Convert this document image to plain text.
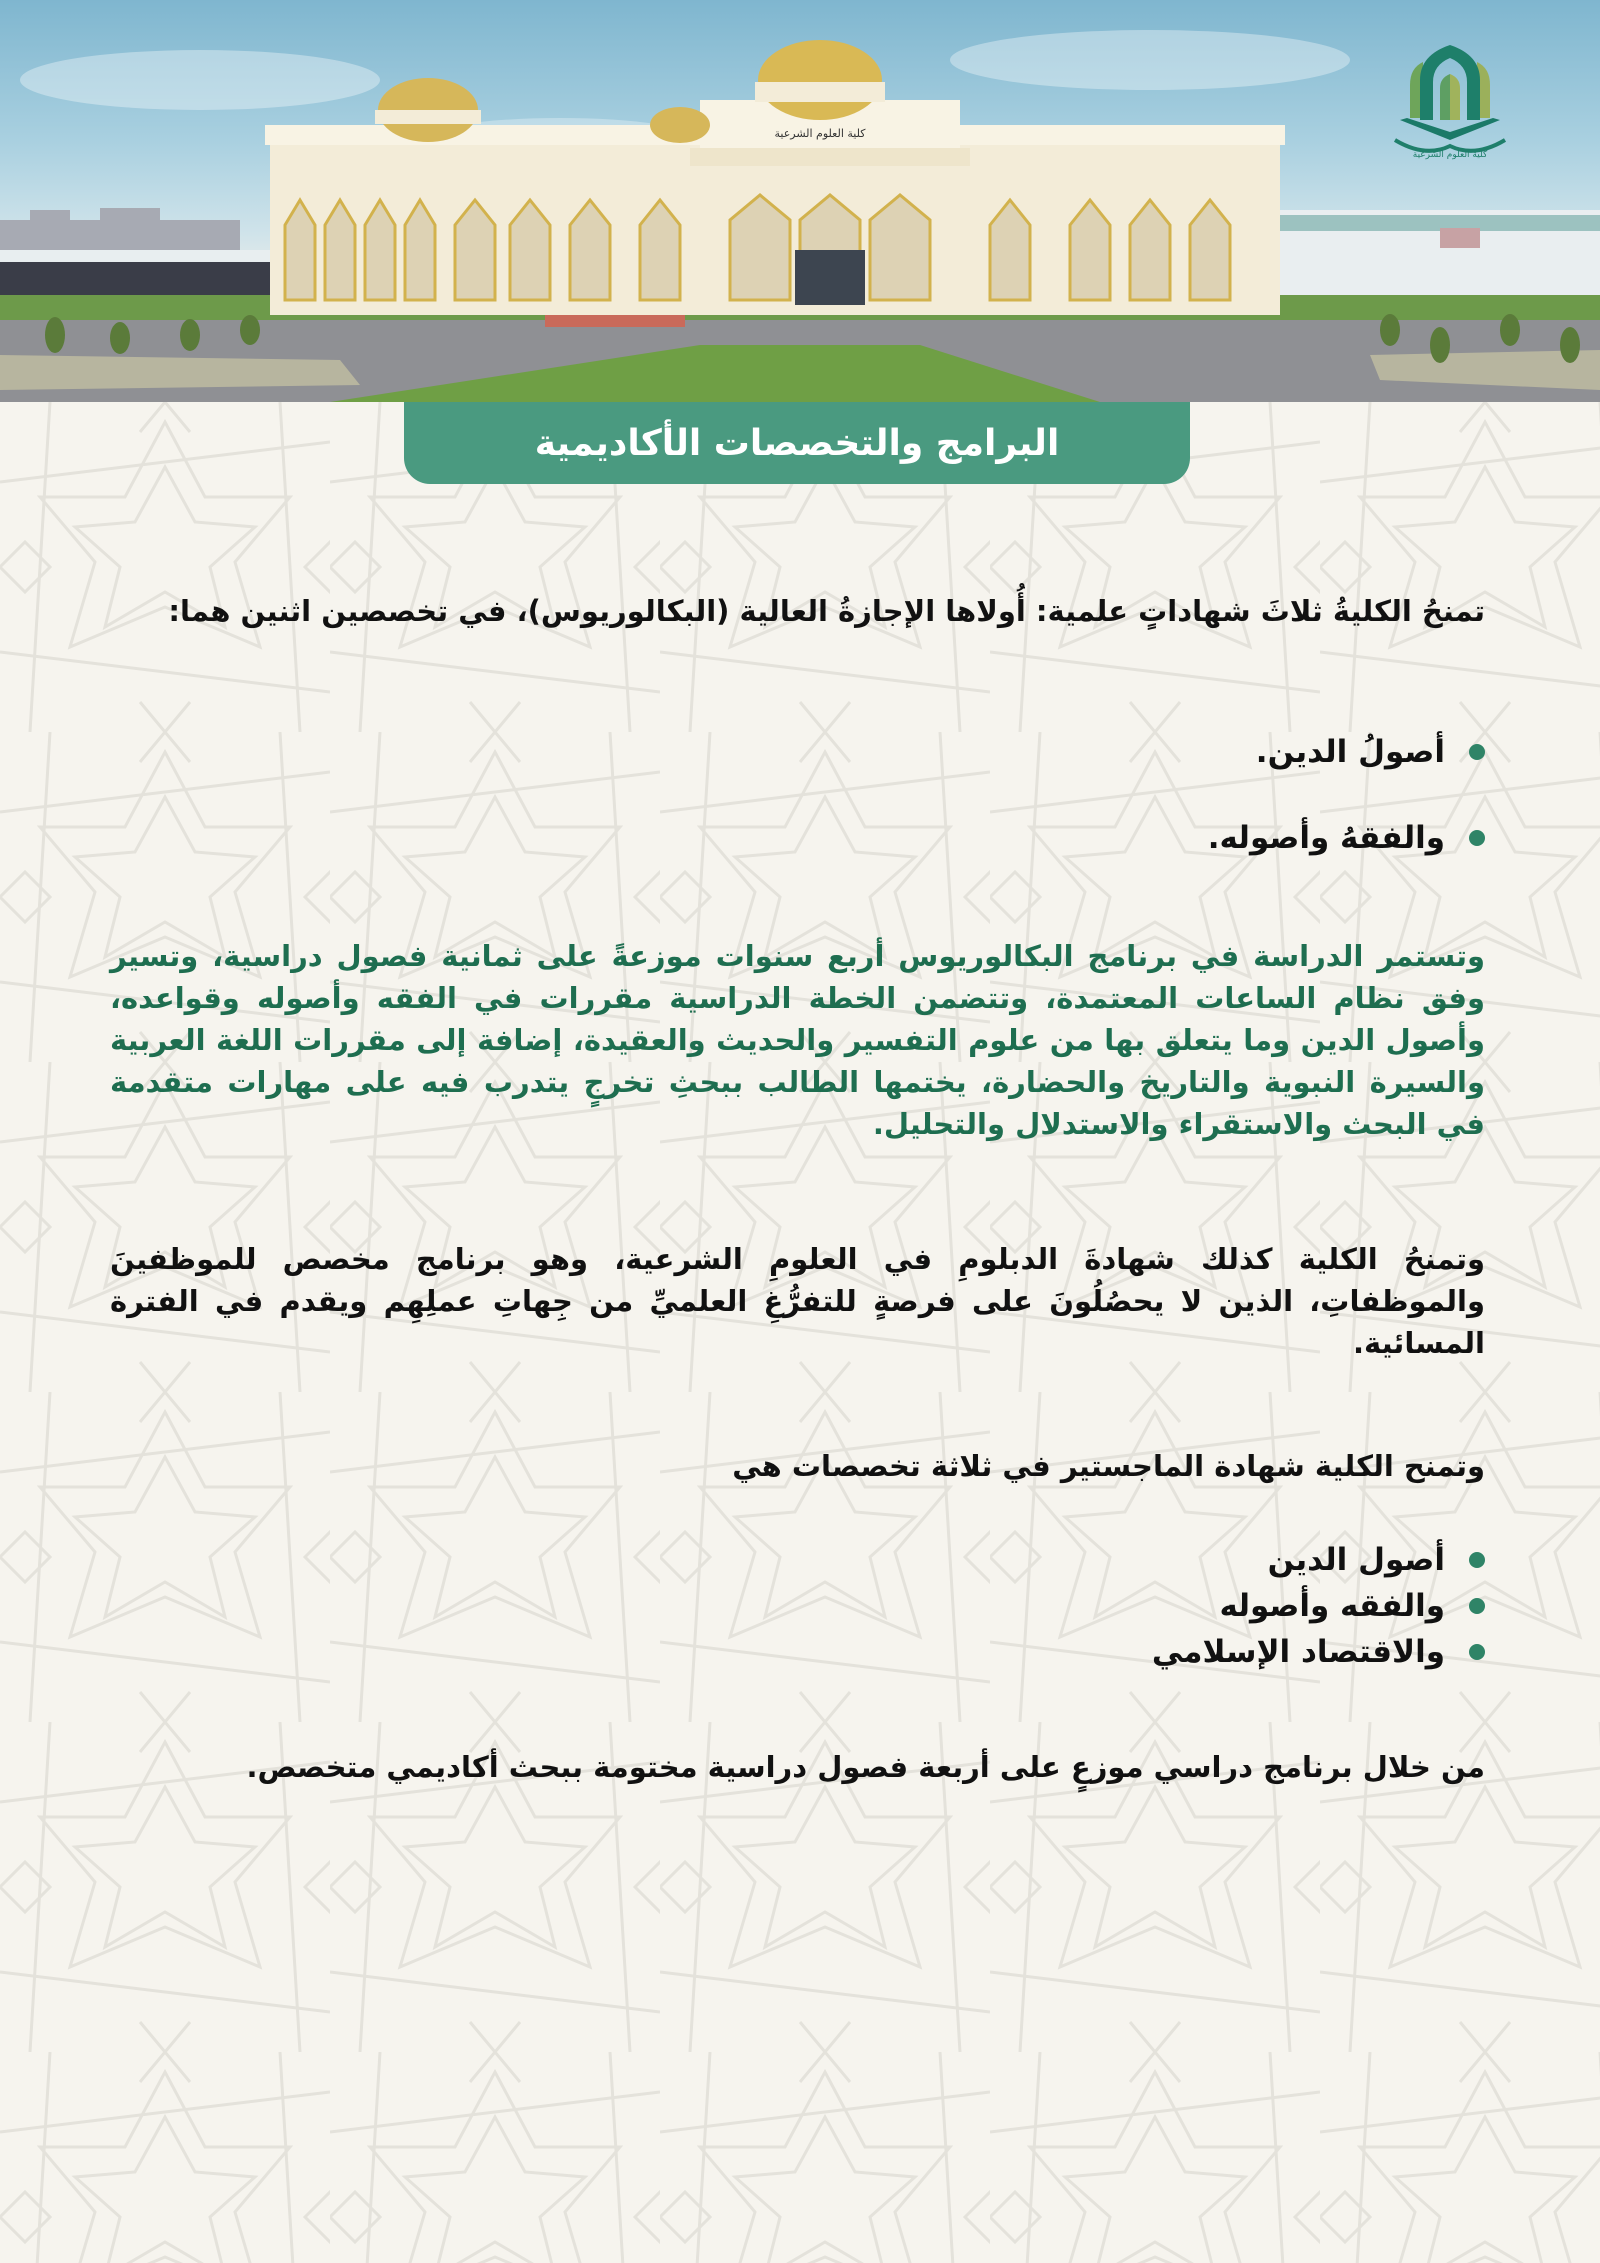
كلية العلوم الشرعية
كلية العلوم الشرعية
البرامج والتخصصات الأكاديمية

تمنحُ الكليةُ ثلاثَ شهاداتٍ علمية: أُولاها الإجازةُ العالية (البكالوريوس)، في تخصصين اثنين هما:

أصولُ الدين.
والفقهُ وأصوله.

وتستمر الدراسة في برنامج البكالوريوس أربع سنوات موزعةً على ثمانية فصول دراسية، وتسير وفق نظام الساعات المعتمدة، وتتضمن الخطة الدراسية مقررات في الفقه وأصوله وقواعده، وأصول الدين وما يتعلق بها من علوم التفسير والحديث والعقيدة، إضافة إلى مقررات اللغة العربية والسيرة النبوية والتاريخ والحضارة، يختمها الطالب ببحثِ تخرجٍ يتدرب فيه على مهارات متقدمة في البحث والاستقراء والاستدلال والتحليل.

وتمنحُ الكلية كذلك شهادةَ الدبلومِ في العلومِ الشرعية، وهو برنامج مخصص للموظفينَ والموظفاتِ، الذين لا يحصُلُونَ على فرصةٍ للتفرُّغِ العلميِّ من جِهاتِ عملِهِم ويقدم في الفترة المسائية.

وتمنح الكلية شهادة الماجستير في ثلاثة تخصصات هي

أصول الدين
والفقه وأصوله
والاقتصاد الإسلامي

من خلال برنامج دراسي موزعٍ على أربعة فصول دراسية مختومة ببحث أكاديمي متخصص.
